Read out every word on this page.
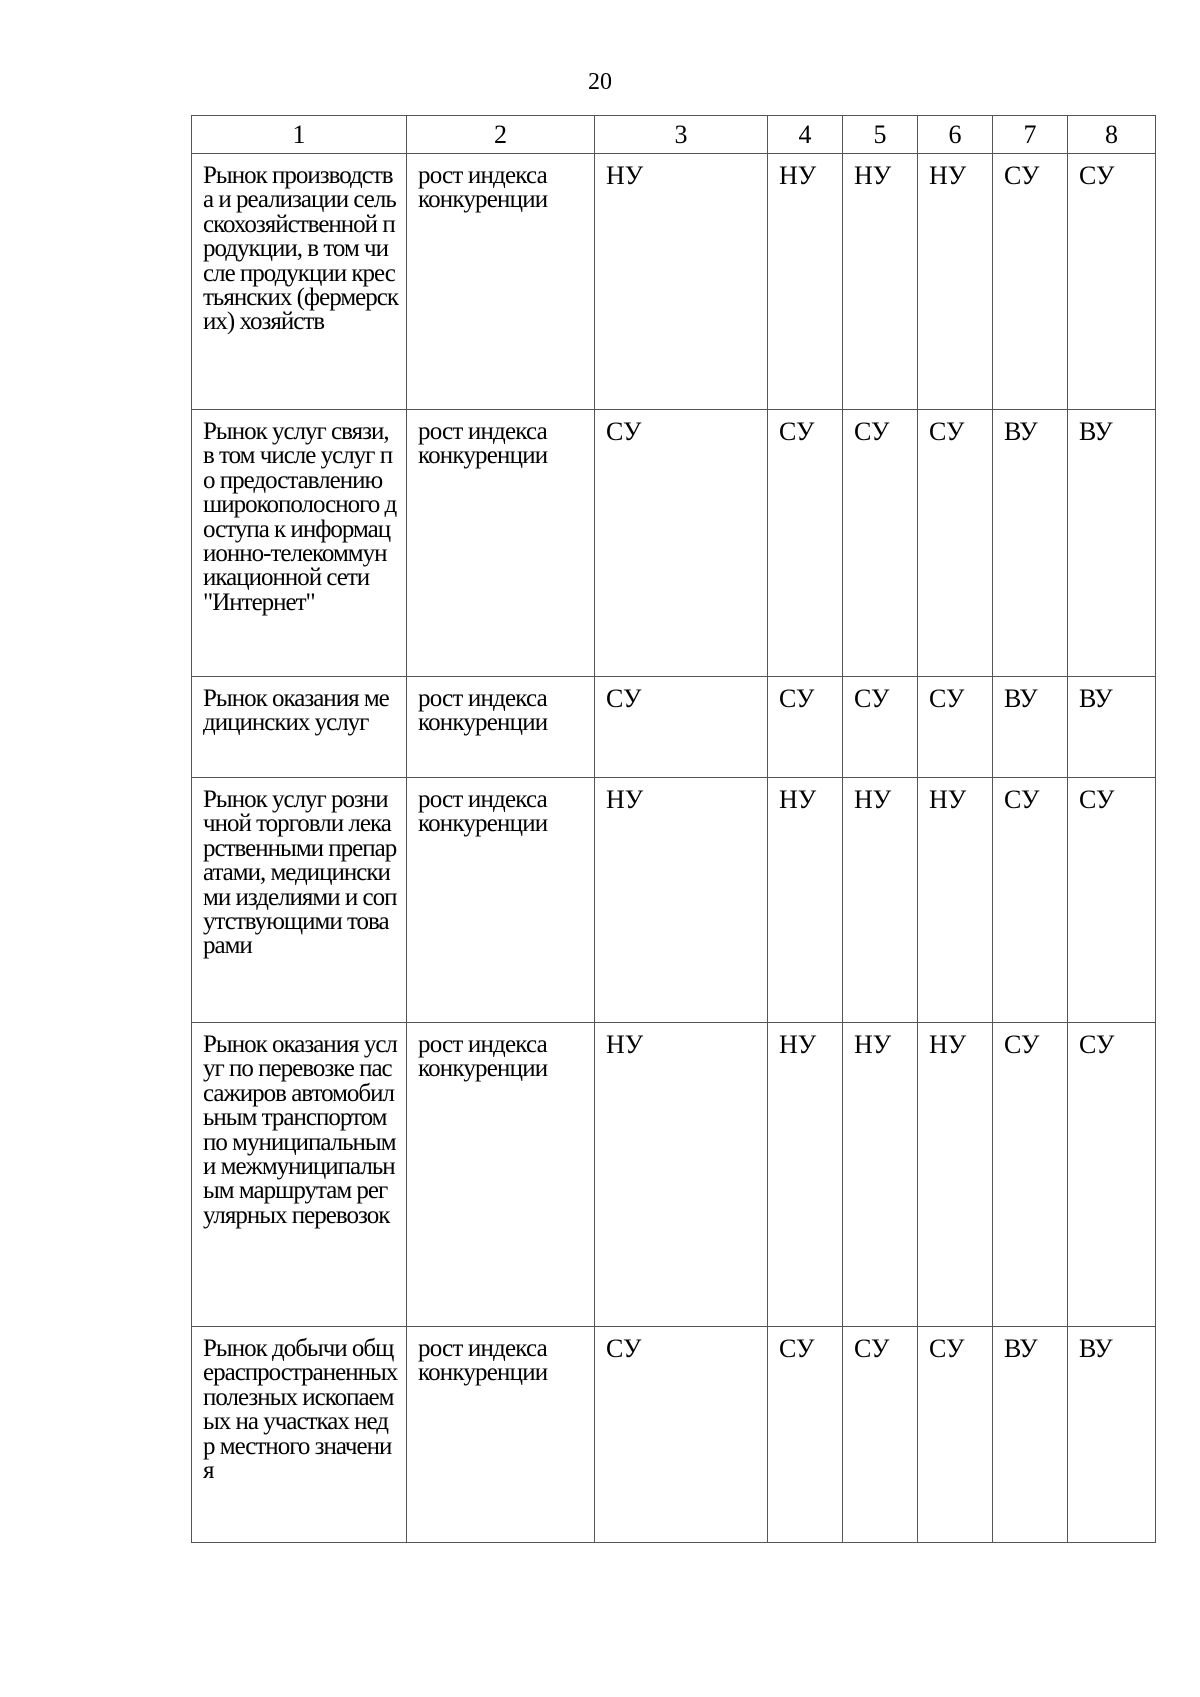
20
1	2	3	4	5	6	7	8
Рынок производства и реализации сельскохозяйственной продукции, в том числе продукции крестьянских (фермерских) хозяйств	рост индекса конкуренции	НУ	НУ	НУ	НУ	СУ	СУ
Рынок услуг связи, в том числе услуг по предоставлению широкополосного доступа к информационно-телекоммуникационной сети "Интернет"	рост индекса конкуренции	СУ	СУ	СУ	СУ	ВУ	ВУ
Рынок оказания медицинских услуг	рост индекса конкуренции	СУ	СУ	СУ	СУ	ВУ	ВУ
Рынок услуг розничной торговли лекарственными препаратами, медицинскими изделиями и сопутствующими товарами	рост индекса конкуренции	НУ	НУ	НУ	НУ	СУ	СУ
Рынок оказания услуг по перевозке пассажиров автомобильным транспортом по муниципальным и межмуниципальным маршрутам регулярных перевозок	рост индекса конкуренции	НУ	НУ	НУ	НУ	СУ	СУ
Рынок добычи общераспространенных полезных ископаемых на участках недр местного значения	рост индекса конкуренции	СУ	СУ	СУ	СУ	ВУ	ВУ
